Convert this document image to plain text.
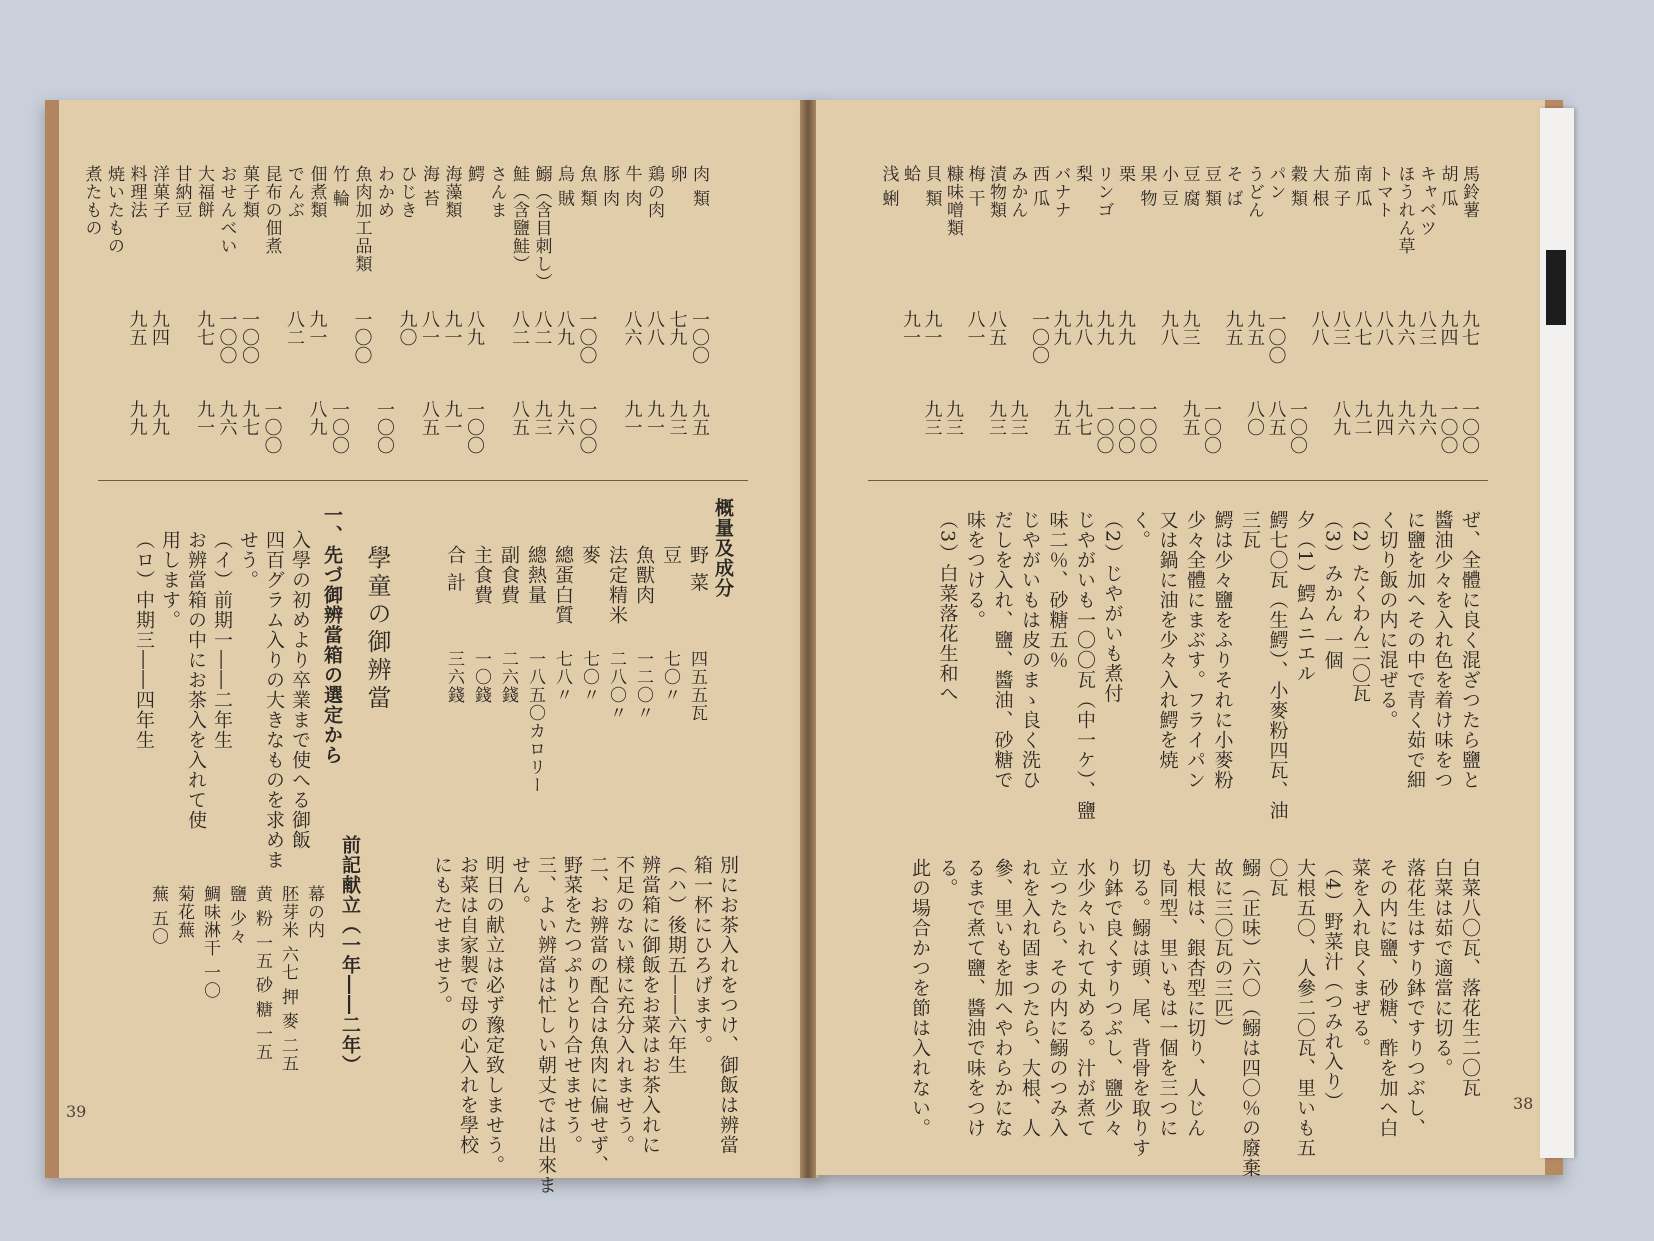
39	38
肉 類
卵
鶏の肉
牛 肉
豚 肉
魚 類
烏 賊
鰯（含目刺し）
鮭（含鹽鮭）
さんま
鰐
海藻類
海 苔
ひじき
わかめ
魚肉加工品類
竹 輪
佃煮類
でんぶ
昆布の佃煮
菓子類
おせんべい
大福餅
甘納豆
洋菓子
料理法
焼いたもの
煮たもの
一〇〇
七九
八八
八六
一〇〇
八九
八二
八二
八九
九一
八一
九〇
一〇〇
九一
八二
一〇〇
一〇〇
九七
九四
九五
九五
九三
九一
九一
一〇〇
九六
九三
八五
一〇〇
九一
八五
一〇〇
一〇〇
八九
一〇〇
九七
九六
九一
九九
九九
馬鈴薯
胡 瓜
キャベツ
ほうれん草
トマト
南 瓜
茄 子
大 根
穀 類
パン
うどん
そ ば
豆 類
豆 腐
小 豆
果 物
栗
リンゴ
梨
バナナ
西 瓜
みかん
漬物類
梅 干
糠味噌類
貝 類
蛤
浅 蜊
九七
九四
八三
九六
八八
八七
八三
八八
一〇〇
九五
九五
九三
九八
九九
九九
九八
九九
一〇〇
八五
八一
九一
九一
一〇〇
一〇〇
九六
九六
九四
九二
八九
一〇〇
八五
八〇
一〇〇
九五
一〇〇
一〇〇
一〇〇
九七
九五
九三
九三
九三
九三
學童の御辨當
一、先づ御辨當箱の選定から
入學の初めより卒業まで使へる御飯
四百グラム入りの大きなものを求めま
せう。
（イ）前期一――二年生
お辨當箱の中にお茶入を入れて使
用します。
（ロ）中期三――四年生	概量及成分
野 菜
四五五瓦
豆
七〇〃
魚獸肉
一二〇〃
法定精米
二八〇〃
麥
七〇〃
總蛋白質
七八〃
總熱量
一八五〇カロリー
副食費
二六錢
主食費
一〇錢
合 計
三六錢
別にお茶入れをつけ、御飯は辨當
箱一杯にひろげます。
（ハ）後期五――六年生
辨當箱に御飯をお菜はお茶入れに
不足のない樣に充分入れませう。
二、お辨當の配合は魚肉に偏せず、
野菜をたつぷりとり合せませう。
三、よい辨當は忙しい朝丈では出來ま
せん。
明日の献立は必ず豫定致しませう。
お菜は自家製で母の心入れを學校
にもたせませう。
前記献立（一年――二年）
幕の内
胚芽米 六七 押 麥 二五
黄 粉 一五 砂 糖 一五
鹽 少々
鯛味淋干 一〇
菊花蕪
蕪 五〇
ぜ、全體に良く混ざつたら鹽と
醬油少々を入れ色を着け味をつ
に鹽を加へその中で青く茹で細
く切り飯の内に混ぜる。
（2）たくわん二〇瓦
（3）みかん 一個
夕（1）鰐ムニエル
鰐七〇瓦（生鰐）、小麥粉四瓦、油
三瓦
鰐は少々鹽をふりそれに小麥粉
少々全體にまぶす。フライパン
又は鍋に油を少々入れ鰐を焼
く。
（2）じやがいも煮付
じやがいも一〇〇瓦（中一ケ）、鹽
味二％、砂糖五％
じやがいもは皮のまゝ良く洗ひ
だしを入れ、鹽、醬油、砂糖で
味をつける。
（3）白菜落花生和へ
白菜八〇瓦、落花生二〇瓦
白菜は茹で適當に切る。
落花生はすり鉢ですりつぶし、
その内に鹽、砂糖、酢を加へ白
菜を入れ良くまぜる。
（4）野菜汁（つみれ入り）
大根五〇、人參二〇瓦、里いも五
〇瓦
鰯（正味）六〇（鰯は四〇％の廢棄
故に三〇瓦の三匹）
大根は、銀杏型に切り、人じん
も同型、里いもは一個を三つに
切る。鰯は頭、尾、背骨を取りす
り鉢で良くすりつぶし、鹽少々
水少々いれて丸める。汁が煮て
立つたら、その内に鰯のつみ入
れを入れ固まつたら、大根、人
參、里いもを加へやわらかにな
るまで煮て鹽、醬油で味をつけ
る。
此の場合かつを節は入れない。
